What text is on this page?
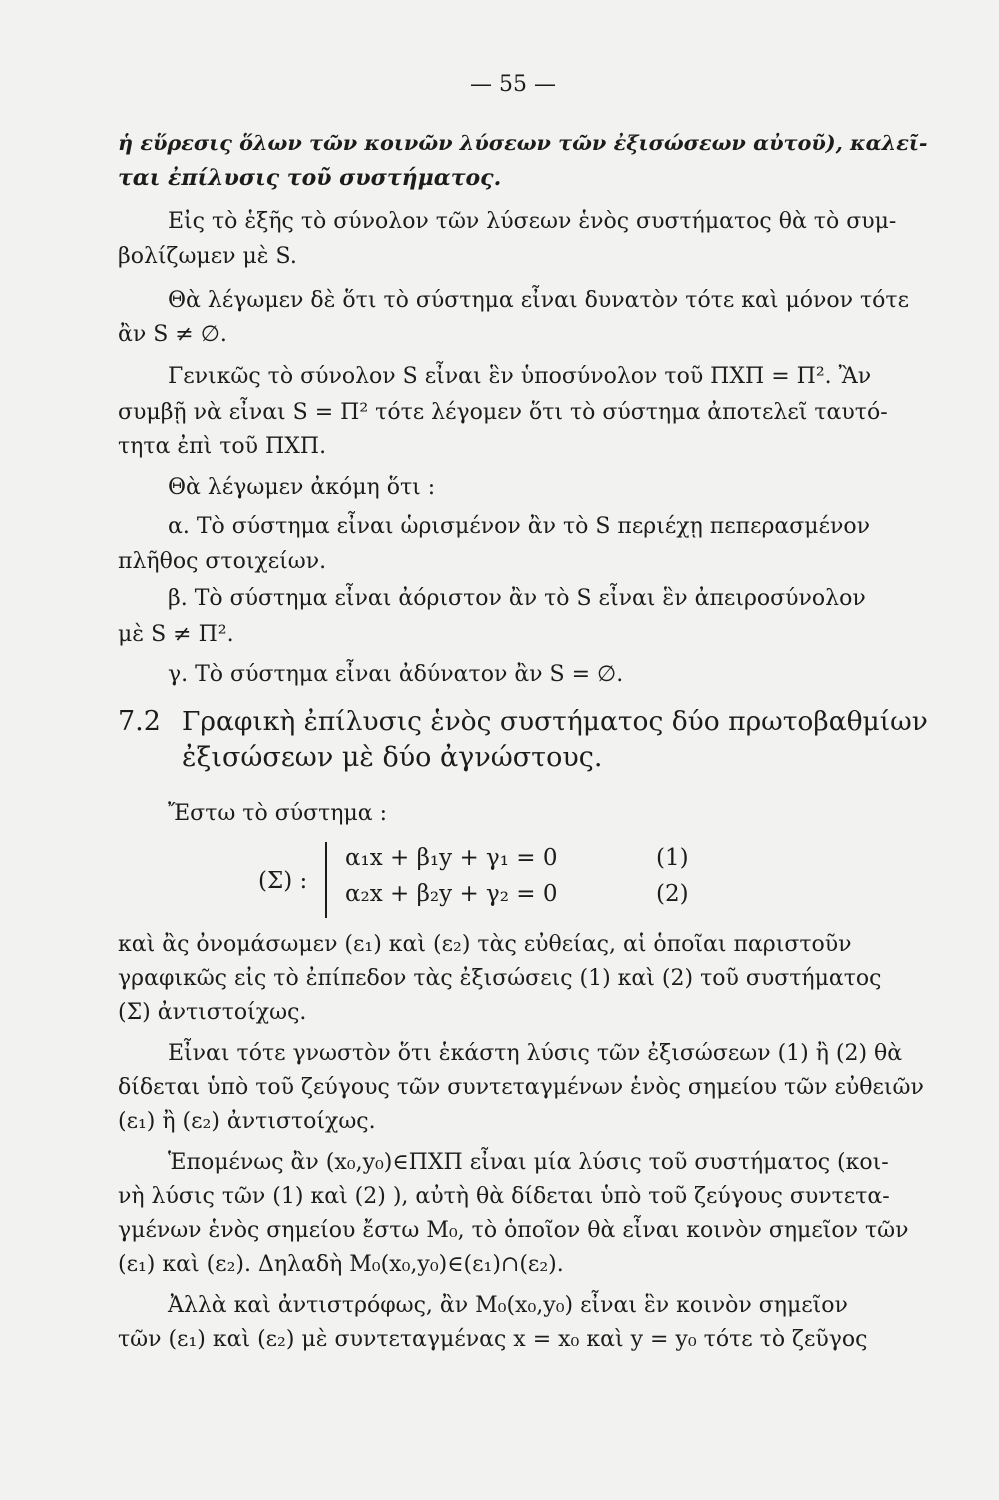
— 55 —
ἡ εὕρεσις ὅλων τῶν κοινῶν λύσεων τῶν ἐξισώσεων αὐτοῦ), καλεῖ-
ται ἐπίλυσις τοῦ συστήματος.
Εἰς τὸ ἑξῆς τὸ σύνολον τῶν λύσεων ἑνὸς συστήματος θὰ τὸ συμ-
βολίζωμεν μὲ S.
Θὰ λέγωμεν δὲ ὅτι τὸ σύστημα εἶναι δυνατὸν τότε καὶ μόνον τότε
ἂν S ≠ ∅.
Γενικῶς τὸ σύνολον S εἶναι ἓν ὑποσύνολον τοῦ ΠΧΠ = Π². Ἂν
συμβῇ νὰ εἶναι S = Π² τότε λέγομεν ὅτι τὸ σύστημα ἀποτελεῖ ταυτό-
τητα ἐπὶ τοῦ ΠΧΠ.
Θὰ λέγωμεν ἀκόμη ὅτι :
α. Τὸ σύστημα εἶναι ὡρισμένον ἂν τὸ S περιέχῃ πεπερασμένον
πλῆθος στοιχείων.
β. Τὸ σύστημα εἶναι ἀόριστον ἂν τὸ S εἶναι ἓν ἀπειροσύνολον
μὲ S ≠ Π².
γ. Τὸ σύστημα εἶναι ἀδύνατον ἂν S = ∅.
7.2 Γραφικὴ ἐπίλυσις ἑνὸς συστήματος δύο πρωτοβαθμίων
ἐξισώσεων μὲ δύο ἀγνώστους.
Ἔστω τὸ σύστημα :
(Σ) :
α₁x + β₁y + γ₁ = 0	(1)
α₂x + β₂y + γ₂ = 0	(2)
καὶ ἂς ὀνομάσωμεν (ε₁) καὶ (ε₂) τὰς εὐθείας, αἱ ὁποῖαι παριστοῦν
γραφικῶς εἰς τὸ ἐπίπεδον τὰς ἐξισώσεις (1) καὶ (2) τοῦ συστήματος
(Σ) ἀντιστοίχως.
Εἶναι τότε γνωστὸν ὅτι ἑκάστη λύσις τῶν ἐξισώσεων (1) ἢ (2) θὰ
δίδεται ὑπὸ τοῦ ζεύγους τῶν συντεταγμένων ἑνὸς σημείου τῶν εὐθειῶν
(ε₁) ἢ (ε₂) ἀντιστοίχως.
Ἑπομένως ἂν (x₀,y₀)∈ΠΧΠ εἶναι μία λύσις τοῦ συστήματος (κοι-
νὴ λύσις τῶν (1) καὶ (2) ), αὐτὴ θὰ δίδεται ὑπὸ τοῦ ζεύγους συντετα-
γμένων ἑνὸς σημείου ἔστω M₀, τὸ ὁποῖον θὰ εἶναι κοινὸν σημεῖον τῶν
(ε₁) καὶ (ε₂). Δηλαδὴ M₀(x₀,y₀)∈(ε₁)∩(ε₂).
Ἀλλὰ καὶ ἀντιστρόφως, ἂν M₀(x₀,y₀) εἶναι ἓν κοινὸν σημεῖον
τῶν (ε₁) καὶ (ε₂) μὲ συντεταγμένας x = x₀ καὶ y = y₀ τότε τὸ ζεῦγος
